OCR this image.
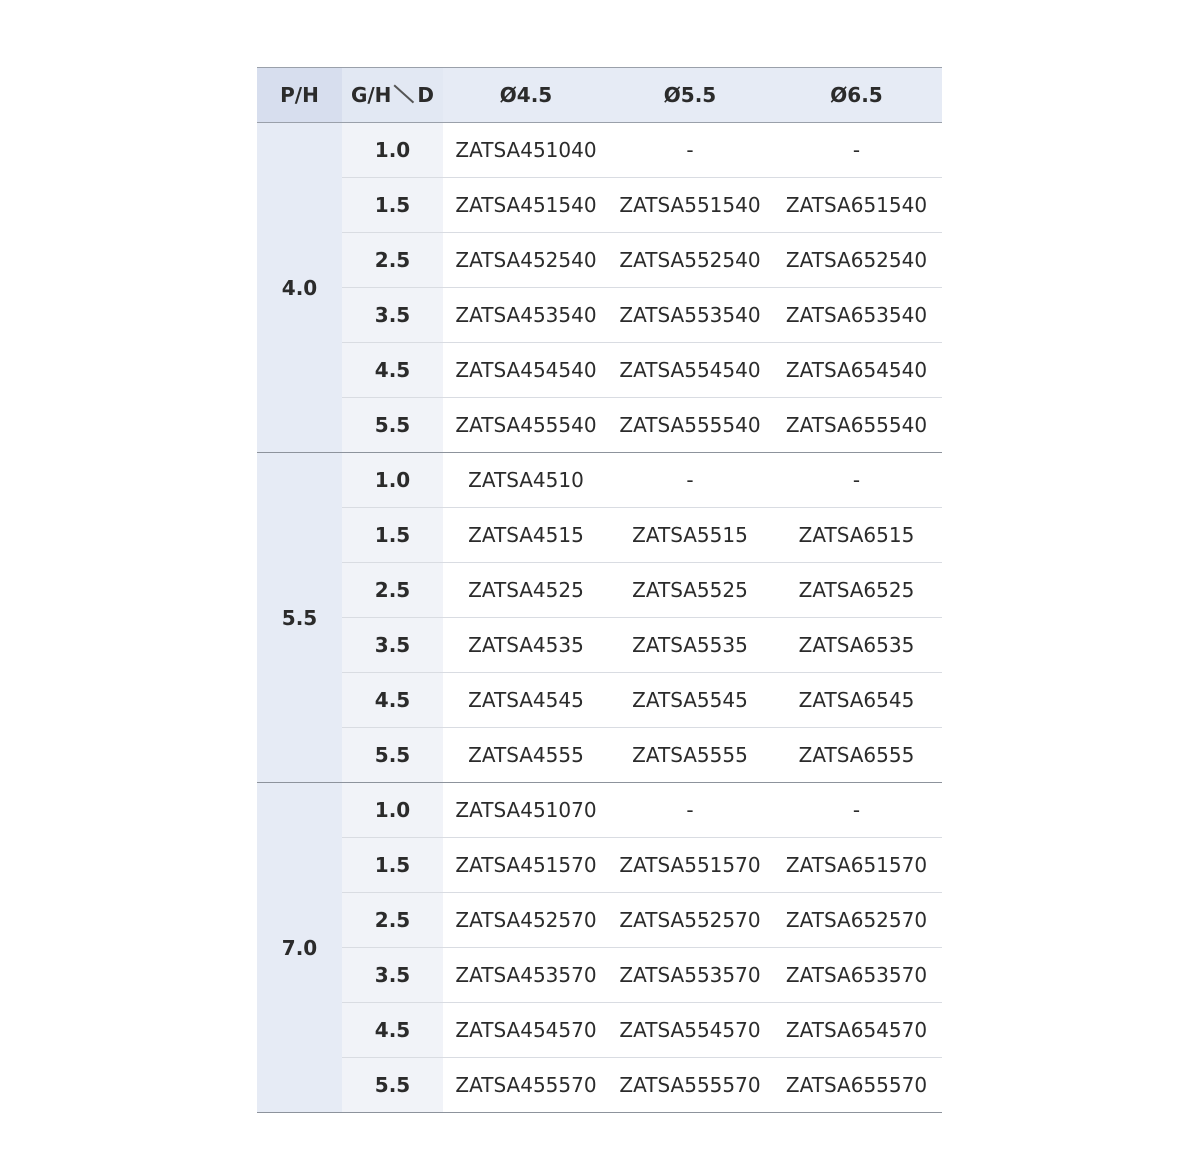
P/H	G/H D	Ø4.5	Ø5.5	Ø6.5
4.0	1.0	ZATSA451040	-	-
	1.5	ZATSA451540	ZATSA551540	ZATSA651540
	2.5	ZATSA452540	ZATSA552540	ZATSA652540
	3.5	ZATSA453540	ZATSA553540	ZATSA653540
	4.5	ZATSA454540	ZATSA554540	ZATSA654540
	5.5	ZATSA455540	ZATSA555540	ZATSA655540
5.5	1.0	ZATSA4510	-	-
	1.5	ZATSA4515	ZATSA5515	ZATSA6515
	2.5	ZATSA4525	ZATSA5525	ZATSA6525
	3.5	ZATSA4535	ZATSA5535	ZATSA6535
	4.5	ZATSA4545	ZATSA5545	ZATSA6545
	5.5	ZATSA4555	ZATSA5555	ZATSA6555
7.0	1.0	ZATSA451070	-	-
	1.5	ZATSA451570	ZATSA551570	ZATSA651570
	2.5	ZATSA452570	ZATSA552570	ZATSA652570
	3.5	ZATSA453570	ZATSA553570	ZATSA653570
	4.5	ZATSA454570	ZATSA554570	ZATSA654570
	5.5	ZATSA455570	ZATSA555570	ZATSA655570
